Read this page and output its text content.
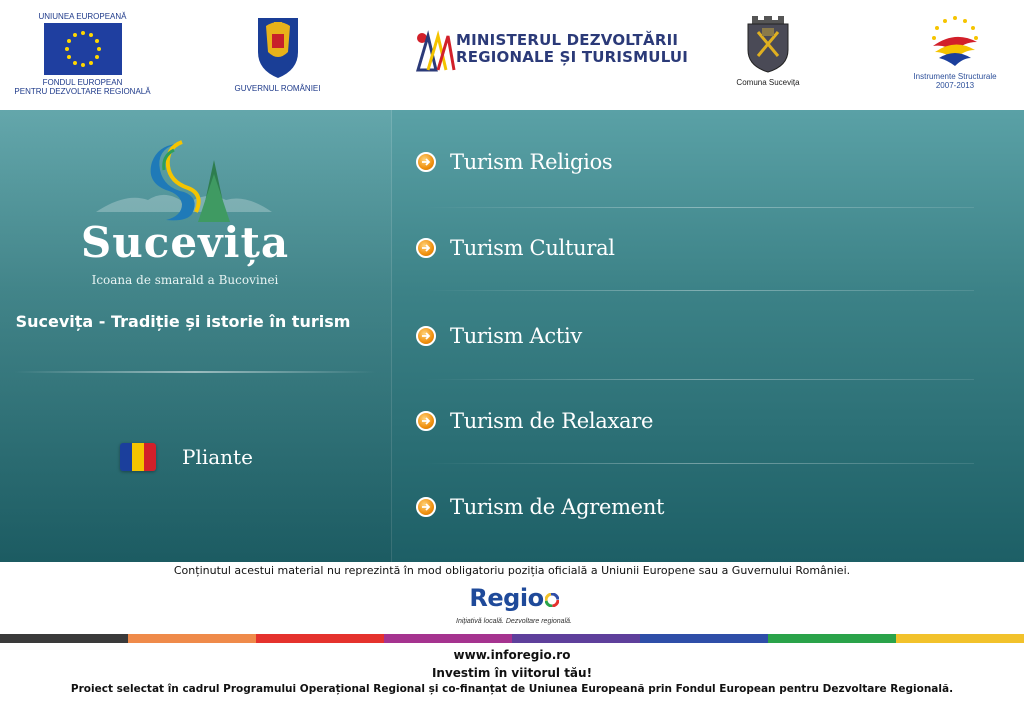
UNIUNEA EUROPEANĂ
FONDUL EUROPEAN
PENTRU DEZVOLTARE REGIONALĂ	GUVERNUL ROMÂNIEI
MINISTERUL DEZVOLTĂRII
REGIONALE ȘI TURISMULUI
Comuna Sucevița
Instrumente Structurale
2007-2013
Sucevița
Icoana de smarald a Bucovinei
Sucevița - Tradiție și istorie în turism
Pliante
Turism Religios
Turism Cultural
Turism Activ
Turism de Relaxare
Turism de Agrement
Conținutul acestui material nu reprezintă în mod obligatoriu poziția oficială a Uniunii Europene sau a Guvernului României.
Regio
Inițiativă locală. Dezvoltare regională.
www.inforegio.ro
Investim în viitorul tău!
Proiect selectat în cadrul Programului Operațional Regional și co-finanțat de Uniunea Europeană prin Fondul European pentru Dezvoltare Regională.
